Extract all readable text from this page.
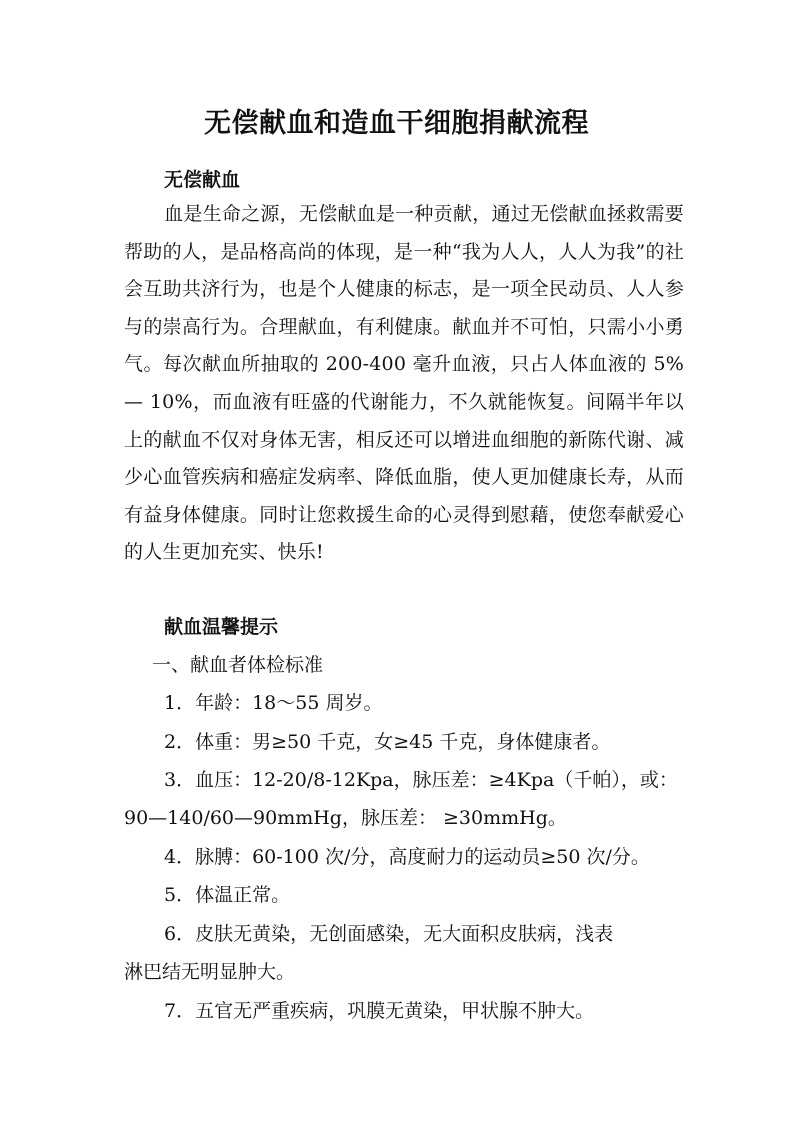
无偿献血和造血干细胞捐献流程
无偿献血
血是生命之源，无偿献血是一种贡献，通过无偿献血拯救需要帮助的人，是品格高尚的体现，是一种“我为人人，人人为我”的社会互助共济行为，也是个人健康的标志，是一项全民动员、人人参与的崇高行为。合理献血，有利健康。献血并不可怕，只需小小勇气。每次献血所抽取的 200-400 毫升血液，只占人体血液的 5%— 10%，而血液有旺盛的代谢能力，不久就能恢复。间隔半年以上的献血不仅对身体无害，相反还可以增进血细胞的新陈代谢、减少心血管疾病和癌症发病率、降低血脂，使人更加健康长寿，从而有益身体健康。同时让您救援生命的心灵得到慰藉，使您奉献爱心的人生更加充实、快乐!
献血温馨提示
一、献血者体检标准
1．年龄：18～55 周岁。
2．体重：男≥50 千克，女≥45 千克，身体健康者。
3．血压：12-20/8-12Kpa，脉压差：≥4Kpa（千帕），或：
90—140/60—90mmHg，脉压差： ≥30mmHg。
4．脉膊：60-100 次/分，高度耐力的运动员≥50 次/分。
5．体温正常。
6．皮肤无黄染，无创面感染，无大面积皮肤病，浅表
淋巴结无明显肿大。
7．五官无严重疾病，巩膜无黄染，甲状腺不肿大。
